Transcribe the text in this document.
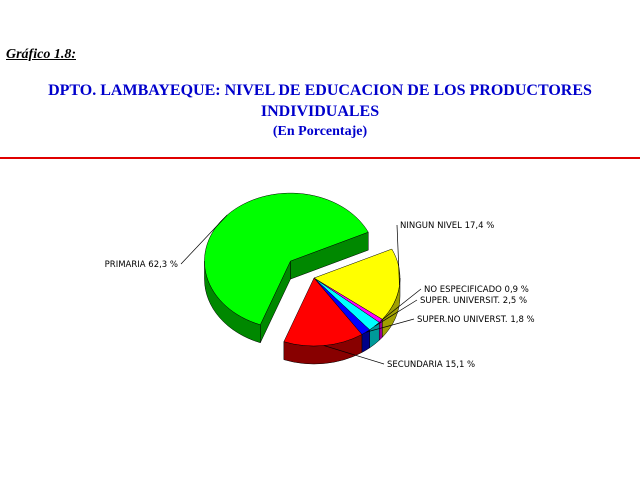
Gráfico 1.8:
DPTO. LAMBAYEQUE: NIVEL DE EDUCACION DE LOS PRODUCTORES
INDIVIDUALES
(En Porcentaje)
NINGUN NIVEL 17,4 %
NO ESPECIFICADO 0,9 %
SUPER. UNIVERSIT. 2,5 %
SUPER.NO UNIVERST. 1,8 %
SECUNDARIA 15,1 %
PRIMARIA 62,3 %
